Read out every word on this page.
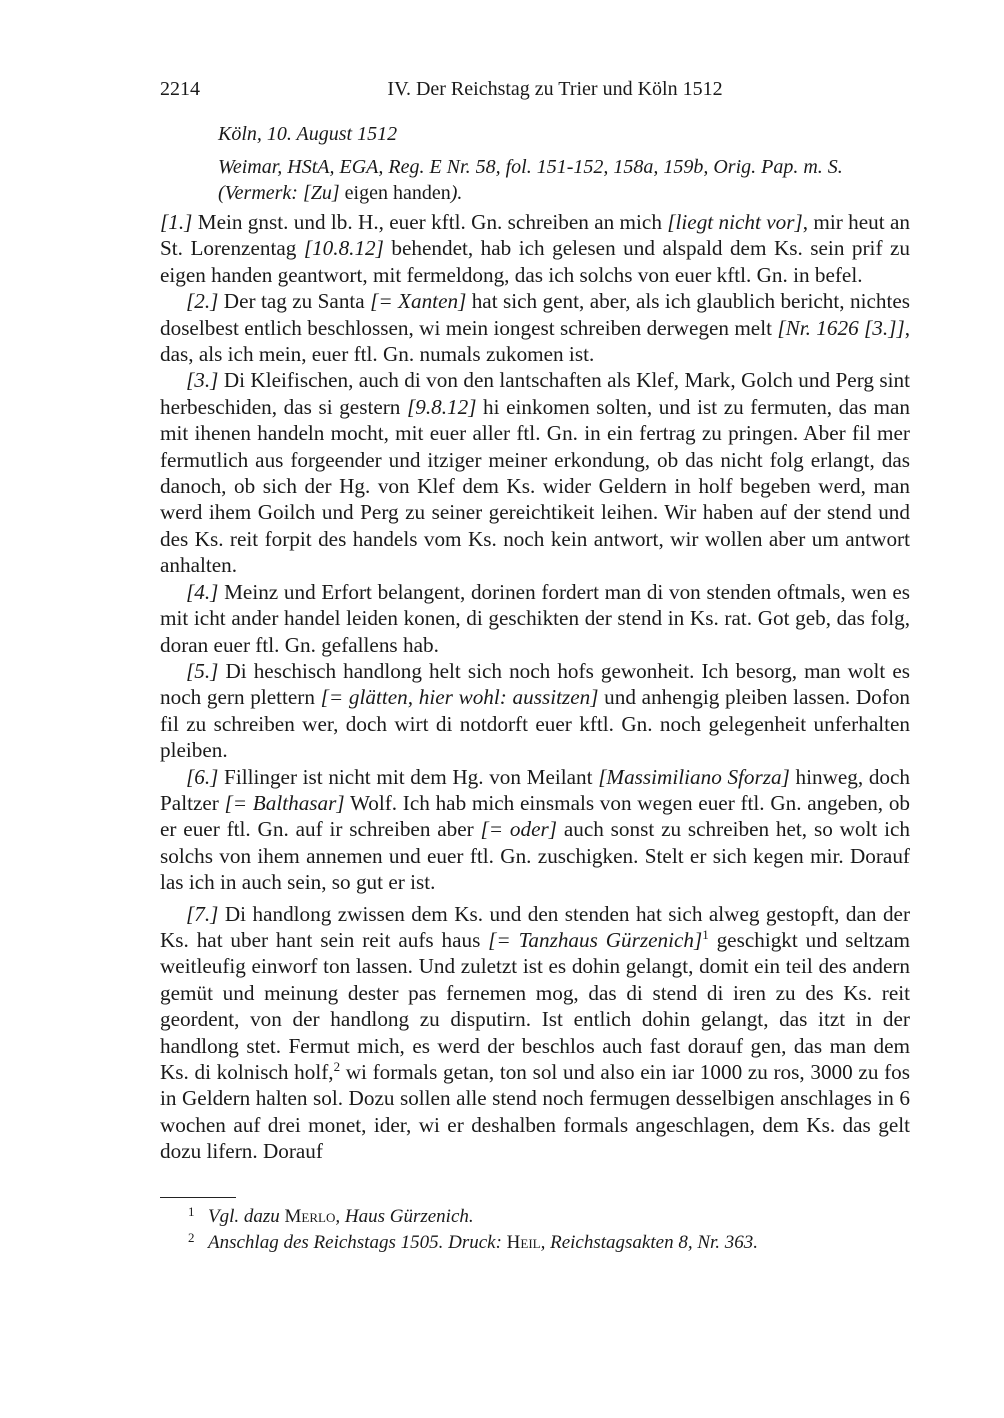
2214	IV. Der Reichstag zu Trier und Köln 1512
Köln, 10. August 1512
Weimar, HStA, EGA, Reg. E Nr. 58, fol. 151-152, 158a, 159b, Orig. Pap. m. S. (Vermerk: [Zu] eigen handen).

[1.] Mein gnst. und lb. H., euer kftl. Gn. schreiben an mich [liegt nicht vor], mir heut an St. Lorenzentag [10.8.12] behendet, hab ich gelesen und alspald dem Ks. sein prif zu eigen handen geantwort, mit fermeldong, das ich solchs von euer kftl. Gn. in befel.

[2.] Der tag zu Santa [= Xanten] hat sich gent, aber, als ich glaublich bericht, nichtes doselbest entlich beschlossen, wi mein iongest schreiben derwegen melt [Nr. 1626 [3.]], das, als ich mein, euer ftl. Gn. numals zukomen ist.

[3.] Di Kleifischen, auch di von den lantschaften als Klef, Mark, Golch und Perg sint herbeschiden, das si gestern [9.8.12] hi einkomen solten, und ist zu fermuten, das man mit ihenen handeln mocht, mit euer aller ftl. Gn. in ein fertrag zu pringen. Aber fil mer fermutlich aus forgeender und itziger meiner erkondung, ob das nicht folg erlangt, das danoch, ob sich der Hg. von Klef dem Ks. wider Geldern in holf begeben werd, man werd ihem Goilch und Perg zu seiner gereichtikeit leihen. Wir haben auf der stend und des Ks. reit forpit des handels vom Ks. noch kein antwort, wir wollen aber um antwort anhalten.

[4.] Meinz und Erfort belangent, dorinen fordert man di von stenden oftmals, wen es mit icht ander handel leiden konen, di geschikten der stend in Ks. rat. Got geb, das folg, doran euer ftl. Gn. gefallens hab.

[5.] Di heschisch handlong helt sich noch hofs gewonheit. Ich besorg, man wolt es noch gern plettern [= glätten, hier wohl: aussitzen] und anhengig pleiben lassen. Dofon fil zu schreiben wer, doch wirt di notdorft euer kftl. Gn. noch gelegenheit unferhalten pleiben.

[6.] Fillinger ist nicht mit dem Hg. von Meilant [Massimiliano Sforza] hinweg, doch Paltzer [= Balthasar] Wolf. Ich hab mich einsmals von wegen euer ftl. Gn. angeben, ob er euer ftl. Gn. auf ir schreiben aber [= oder] auch sonst zu schreiben het, so wolt ich solchs von ihem annemen und euer ftl. Gn. zuschigken. Stelt er sich kegen mir. Dorauf las ich in auch sein, so gut er ist.

[7.] Di handlong zwissen dem Ks. und den stenden hat sich alweg gestopft, dan der Ks. hat uber hant sein reit aufs haus [= Tanzhaus Gürzenich]$^1$ geschigkt und seltzam weitleufig einworf ton lassen. Und zuletzt ist es dohin gelangt, domit ein teil des andern gemüt und meinung dester pas fernemen mog, das di stend di iren zu des Ks. reit geordent, von der handlong zu disputirn. Ist entlich dohin gelangt, das itzt in der handlong stet. Fermut mich, es werd der beschlos auch fast dorauf gen, das man dem Ks. di kolnisch holf,$^2$ wi formals getan, ton sol und also ein iar 1000 zu ros, 3000 zu fos in Geldern halten sol. Dozu sollen alle stend noch fermugen desselbigen anschlages in 6 wochen auf drei monet, ider, wi er deshalben formals angeschlagen, dem Ks. das gelt dozu lifern. Dorauf

1 Vgl. dazu Merlo, Haus Gürzenich.

2 Anschlag des Reichstags 1505. Druck: Heil, Reichstagsakten 8, Nr. 363.
